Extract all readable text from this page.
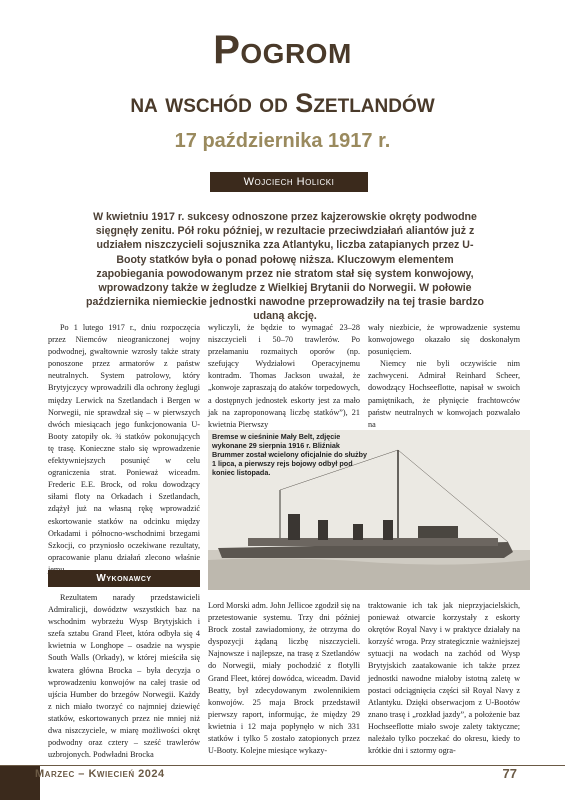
Pogrom
na wschód od Szetlandów
17 października 1917 r.
Wojciech Holicki
W kwietniu 1917 r. sukcesy odnoszone przez kajzerowskie okręty podwodne sięgnęły zenitu. Pół roku później, w rezultacie przeciwdziałań aliantów już z udziałem niszczycieli sojusznika zza Atlantyku, liczba zatapianych przez U-Booty statków była o ponad połowę niższa. Kluczowym elementem zapobiegania powodowanym przez nie stratom stał się system konwojowy, wprowadzony także w żegludze z Wielkiej Brytanii do Norwegii. W połowie października niemieckie jednostki nawodne przeprowadziły na tej trasie bardzo udaną akcję.

Po 1 lutego 1917 r., dniu rozpoczęcia przez Niemców nieograniczonej wojny podwodnej, gwałtownie wzrosły także straty ponoszone przez armatorów z państw neutralnych. System patrolowy, który Brytyjczycy wprowadzili dla ochrony żeglugi między Lerwick na Szetlandach i Bergen w Norwegii, nie sprawdzał się – w pierwszych dwóch miesiącach jego funkcjonowania U-Booty zatopiły ok. ¾ statków pokonujących tę trasę. Konieczne stało się wprowadzenie efektywniejszych posunięć w celu ograniczenia strat. Ponieważ wiceadm. Frederic E.E. Brock, od roku dowodzący siłami floty na Orkadach i Szetlandach, zdążył już na własną rękę wprowadzić eskortowanie statków na odcinku między Orkadami i północno-wschodnimi brzegami Szkocji, co przyniosło oczekiwane rezultaty, opracowanie planu działań zlecono właśnie

Wykonawcy

Rezultatem narady przedstawicieli Admiralicji, dowództw wszystkich baz na wschodnim wybrzeżu Wysp Brytyjskich i szefa sztabu Grand Fleet, która odbyła się 4 kwietnia w Longhope – osadzie na wyspie South Walls (Orkady), w której mieściła się kwatera główna Brocka – była decyzja o wprowadzeniu konwojów na całej trasie od ujścia Humber do brzegów Norwegii. Każdy z nich miało tworzyć co najmniej dziewięć statków, eskortowanych przez nie mniej niż dwa niszczyciele, w miarę możliwości okręt podwodny oraz cztery – sześć trawlerów uzbrojonych. Podwładni Brocka

wyliczyli, że będzie to wymagać 23–28 niszczycieli i 50–70 trawlerów. Po przełamaniu rozmaitych oporów (np. szefujący Wydziałowi Operacyjnemu kontradm. Thomas Jackson uważał, że „konwoje zapraszają do ataków torpedowych, a dostępnych jednostek eskorty jest za mało jak na zaproponowaną liczbę statków”), 21 kwietnia Pierwszy

Bremse w cieśninie Mały Belt, zdjęcie wykonane 29 sierpnia 1916 r. Bliźniak Brummer został wcielony oficjalnie do służby 1 lipca, a pierwszy rejs bojowy odbył pod koniec listopada.

Lord Morski adm. John Jellicoe zgodził się na przetestowanie systemu. Trzy dni później Brock został zawiadomiony, że otrzyma do dyspozycji żądaną liczbę niszczycieli. Najnowsze i najlepsze, na trasę z Szetlandów do Norwegii, miały pochodzić z flotylli Grand Fleet, której dowódca, wiceadm. David Beatty, był zdecydowanym zwolennikiem konwojów. 25 maja Brock przedstawił pierwszy raport, informując, że między 29 kwietnia i 12 maja popłynęło w nich 331 statków i tylko 5 zostało zatopionych przez U-Booty. Kolejne miesiące wykazy-

wały niezbicie, że wprowadzenie systemu konwojowego okazało się doskonałym posunięciem.

Niemcy nie byli oczywiście nim zachwyceni. Admirał Reinhard Scheer, dowodzący Hochseeflotte, napisał w swoich pamiętnikach, że płynięcie frachtowców państw neutralnych w konwojach pozwalało na

traktowanie ich tak jak nieprzyjacielskich, ponieważ otwarcie korzystały z eskorty okrętów Royal Navy i w praktyce działały na korzyść wroga. Przy strategicznie ważniejszej sytuacji na wodach na zachód od Wysp Brytyjskich zaatakowanie ich także przez jednostki nawodne miałoby istotną zaletę w postaci odciągnięcia części sił Royal Navy z Atlantyku. Dzięki obserwacjom z U-Bootów znano trasę i „rozkład jazdy”, a położenie baz Hochseeflotte miało swoje zalety taktyczne; należało tylko poczekać do okresu, kiedy to krótkie dni i sztormy ogra-

Marzec – Kwiecień 2024	77
